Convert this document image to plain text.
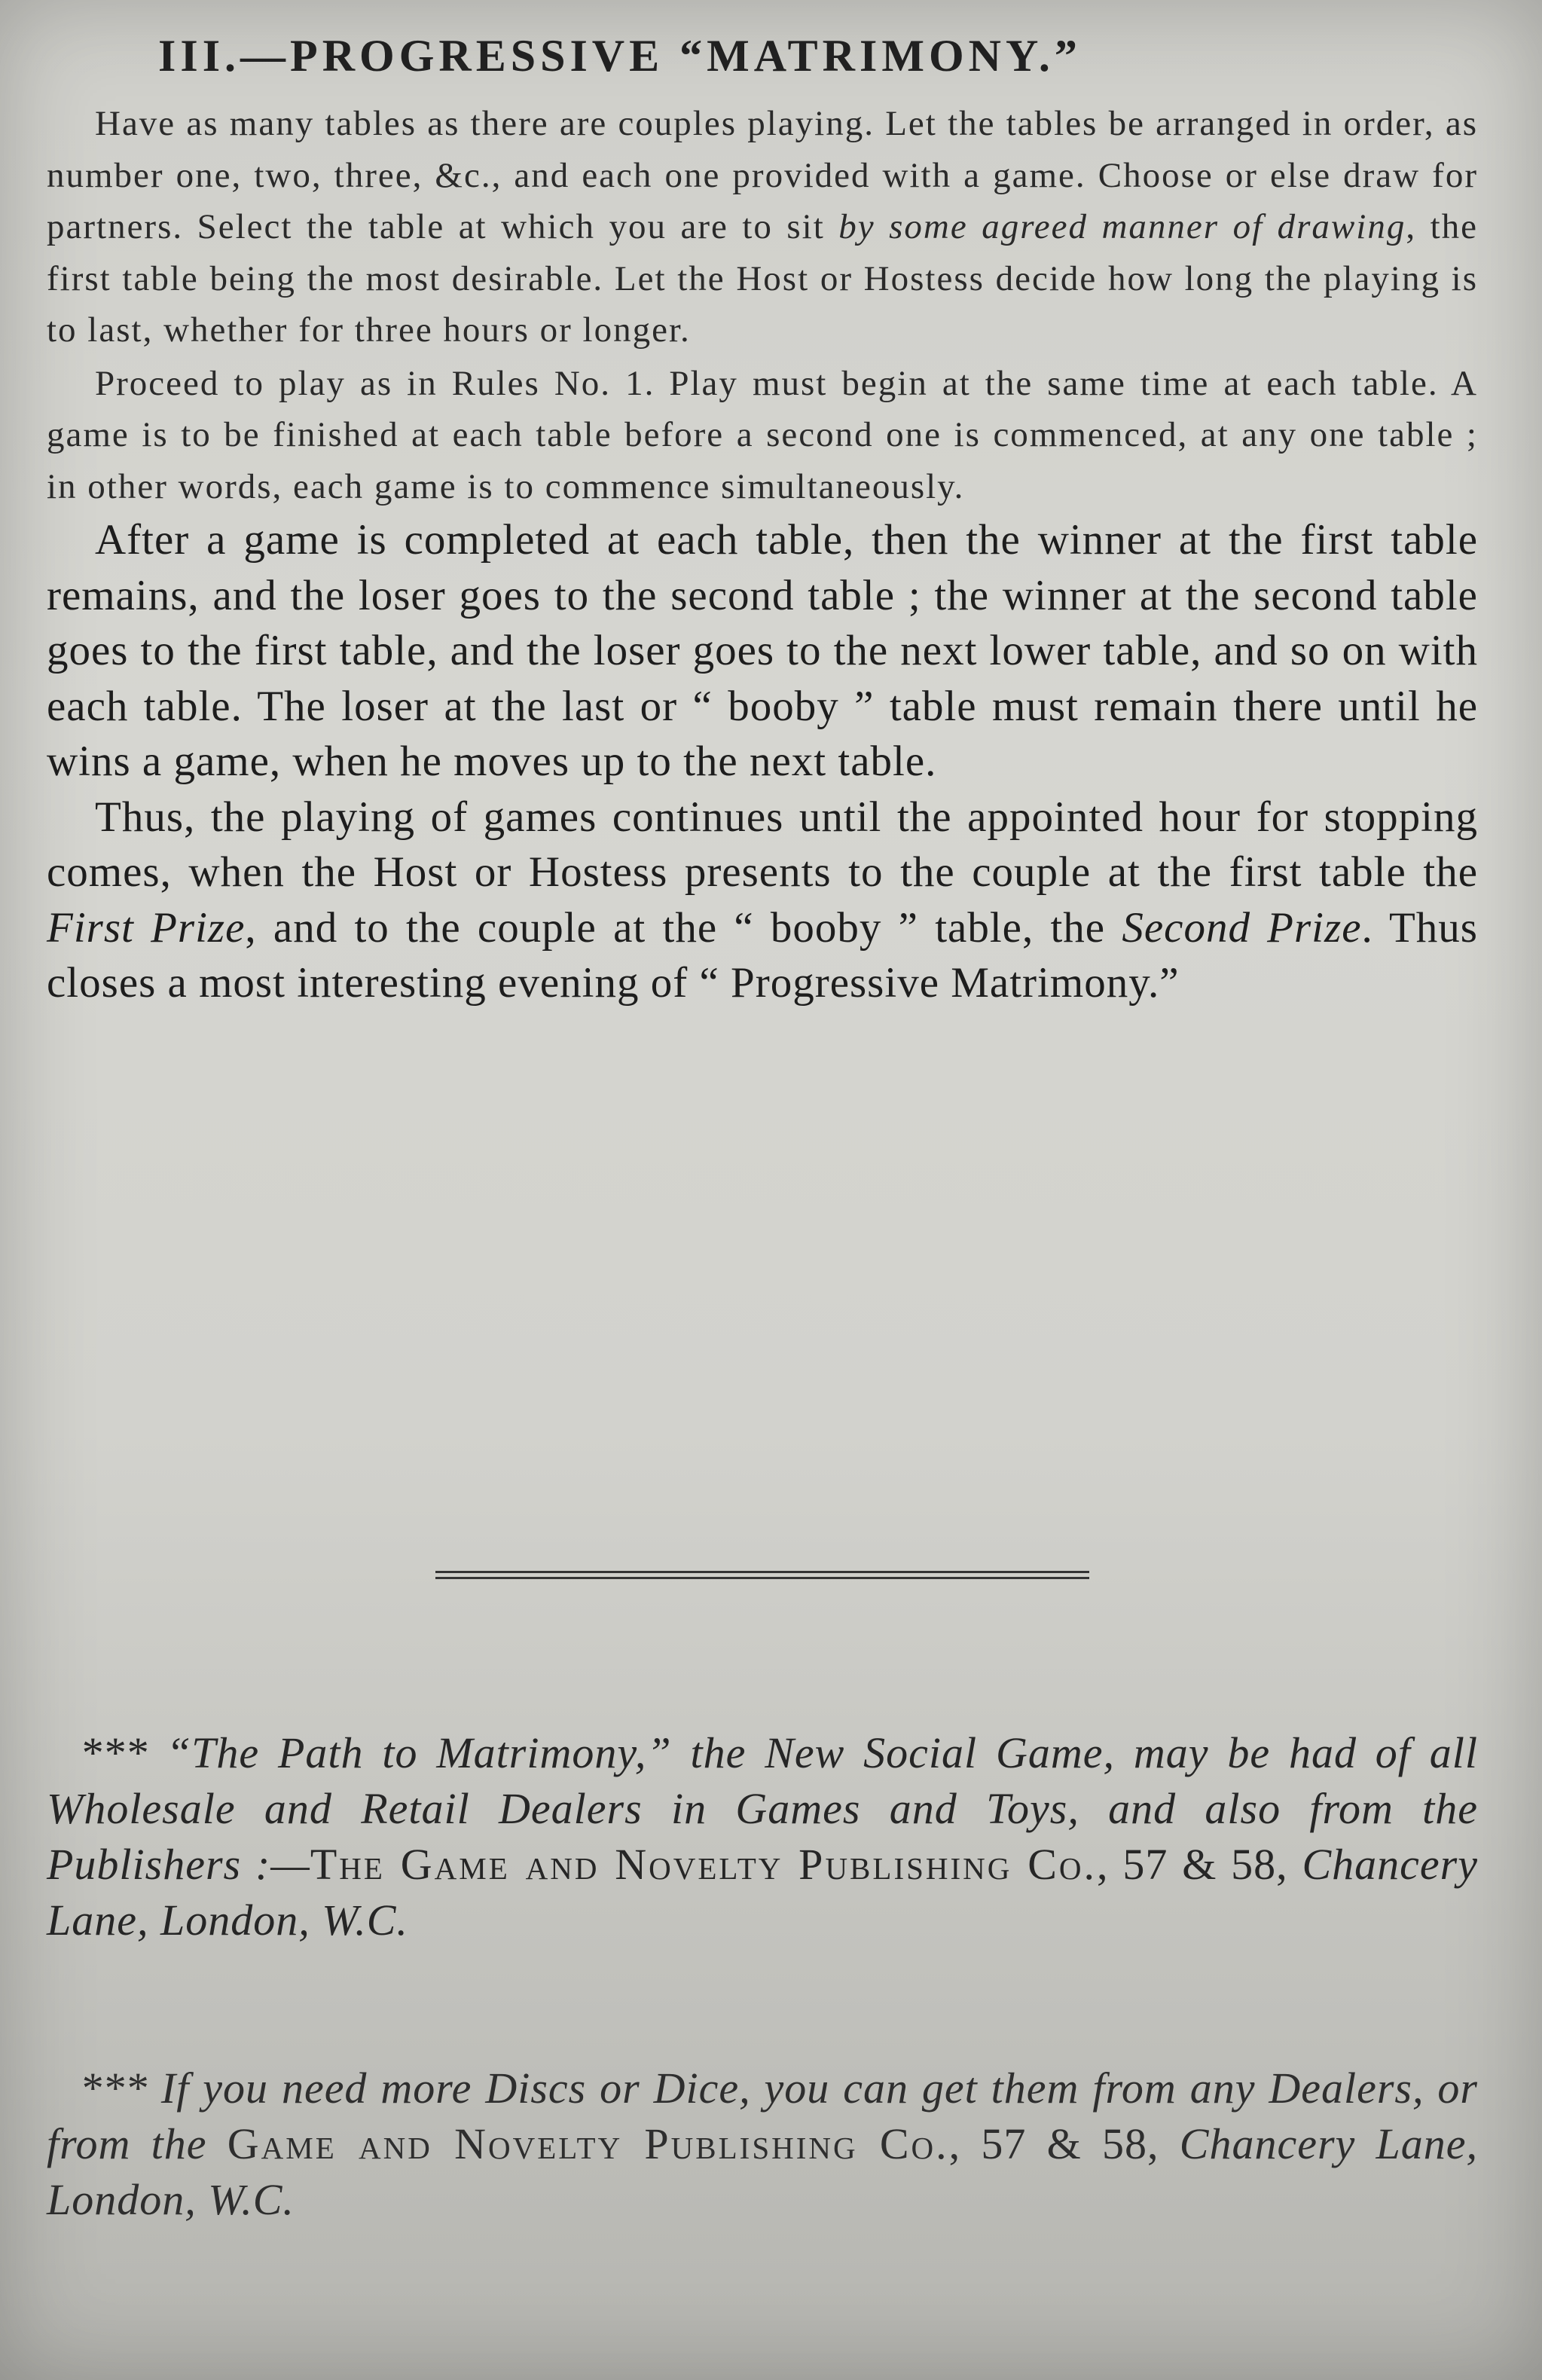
III.—PROGRESSIVE “MATRIMONY.”

Have as many tables as there are couples playing. Let the tables be arranged in order, as number one, two, three, &c., and each one provided with a game. Choose or else draw for partners. Select the table at which you are to sit by some agreed manner of drawing, the first table being the most desirable. Let the Host or Hostess decide how long the playing is to last, whether for three hours or longer.

Proceed to play as in Rules No. 1. Play must begin at the same time at each table. A game is to be finished at each table before a second one is commenced, at any one table ; in other words, each game is to commence simultaneously.

After a game is completed at each table, then the winner at the first table remains, and the loser goes to the second table ; the winner at the second table goes to the first table, and the loser goes to the next lower table, and so on with each table. The loser at the last or “ booby ” table must remain there until he wins a game, when he moves up to the next table.

Thus, the playing of games continues until the appointed hour for stopping comes, when the Host or Hostess presents to the couple at the first table the First Prize, and to the couple at the “ booby ” table, the Second Prize. Thus closes a most interesting evening of “ Progressive Matrimony.”

*** “The Path to Matrimony,” the New Social Game, may be had of all Wholesale and Retail Dealers in Games and Toys, and also from the Publishers :—The Game and Novelty Publishing Co., 57 & 58, Chancery Lane, London, W.C.

*** If you need more Discs or Dice, you can get them from any Dealers, or from the Game and Novelty Publishing Co., 57 & 58, Chancery Lane, London, W.C.
